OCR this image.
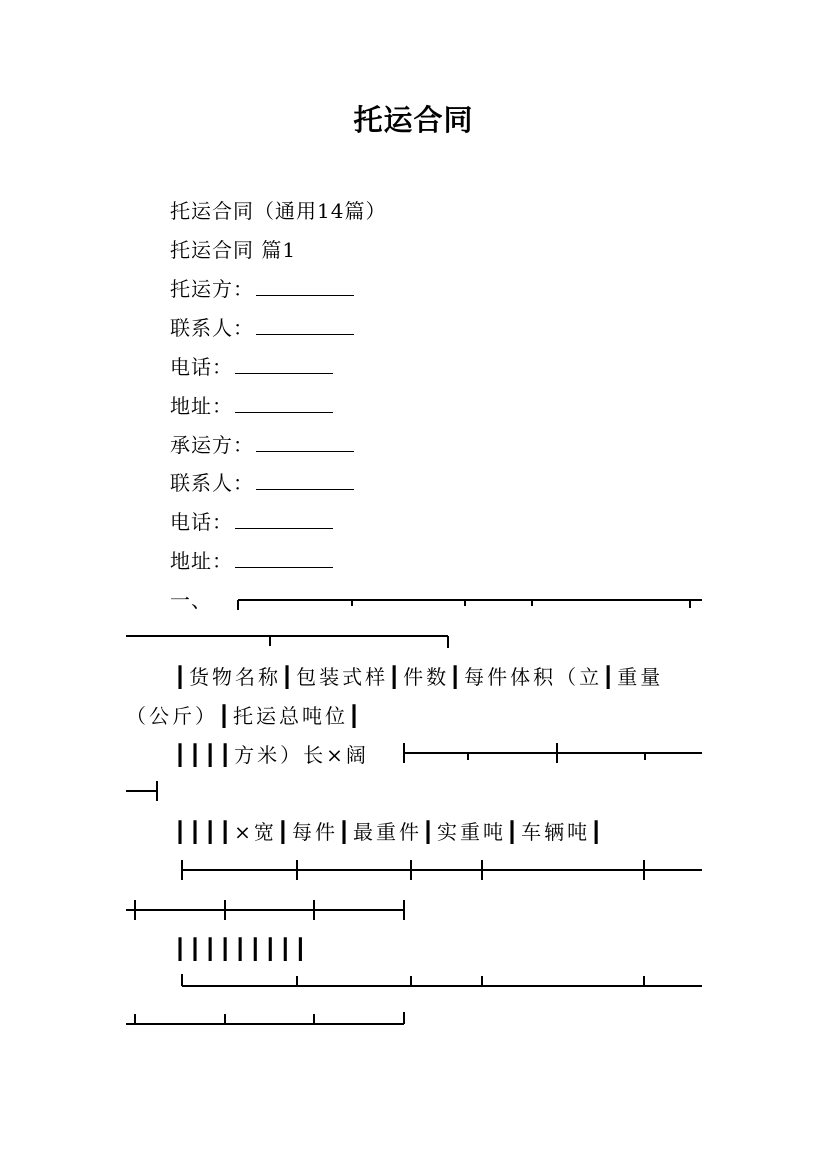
托运合同
托运合同（通用14篇）
托运合同 篇1
托运方：
联系人：
电话：
地址：
承运方：
联系人：
电话：
地址：
一、
┃货物名称┃包装式样┃件数┃每件体积（立┃重量
（公斤）┃托运总吨位┃
┃┃┃┃方米）长×阔
┃┃┃┃×宽┃每件┃最重件┃实重吨┃车辆吨┃
┃┃┃┃┃┃┃┃┃
